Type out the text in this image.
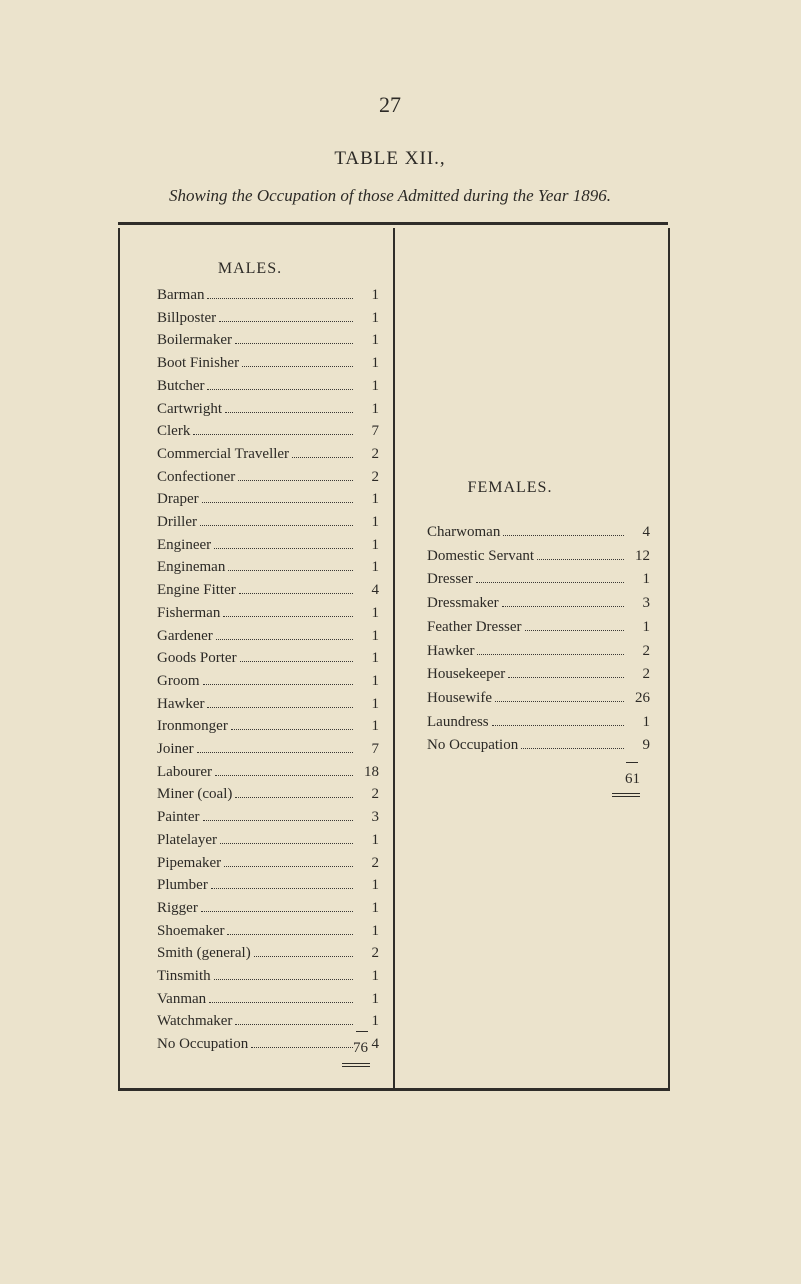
27
TABLE XII.,
Showing the Occupation of those Admitted during the Year 1896.
MALES.
Barman	1
Billposter	1
Boilermaker	1
Boot Finisher	1
Butcher	1
Cartwright	1
Clerk	7
Commercial Traveller	2
Confectioner	2
Draper	1
Driller	1
Engineer	1
Engineman	1
Engine Fitter	4
Fisherman	1
Gardener	1
Goods Porter	1
Groom	1
Hawker	1
Ironmonger	1
Joiner	7
Labourer	18
Miner (coal)	2
Painter	3
Platelayer	1
Pipemaker	2
Plumber	1
Rigger	1
Shoemaker	1
Smith (general)	2
Tinsmith	1
Vanman	1
Watchmaker	1
No Occupation	4
76
FEMALES.
Charwoman	4
Domestic Servant	12
Dresser	1
Dressmaker	3
Feather Dresser	1
Hawker	2
Housekeeper	2
Housewife	26
Laundress	1
No Occupation	9
61
